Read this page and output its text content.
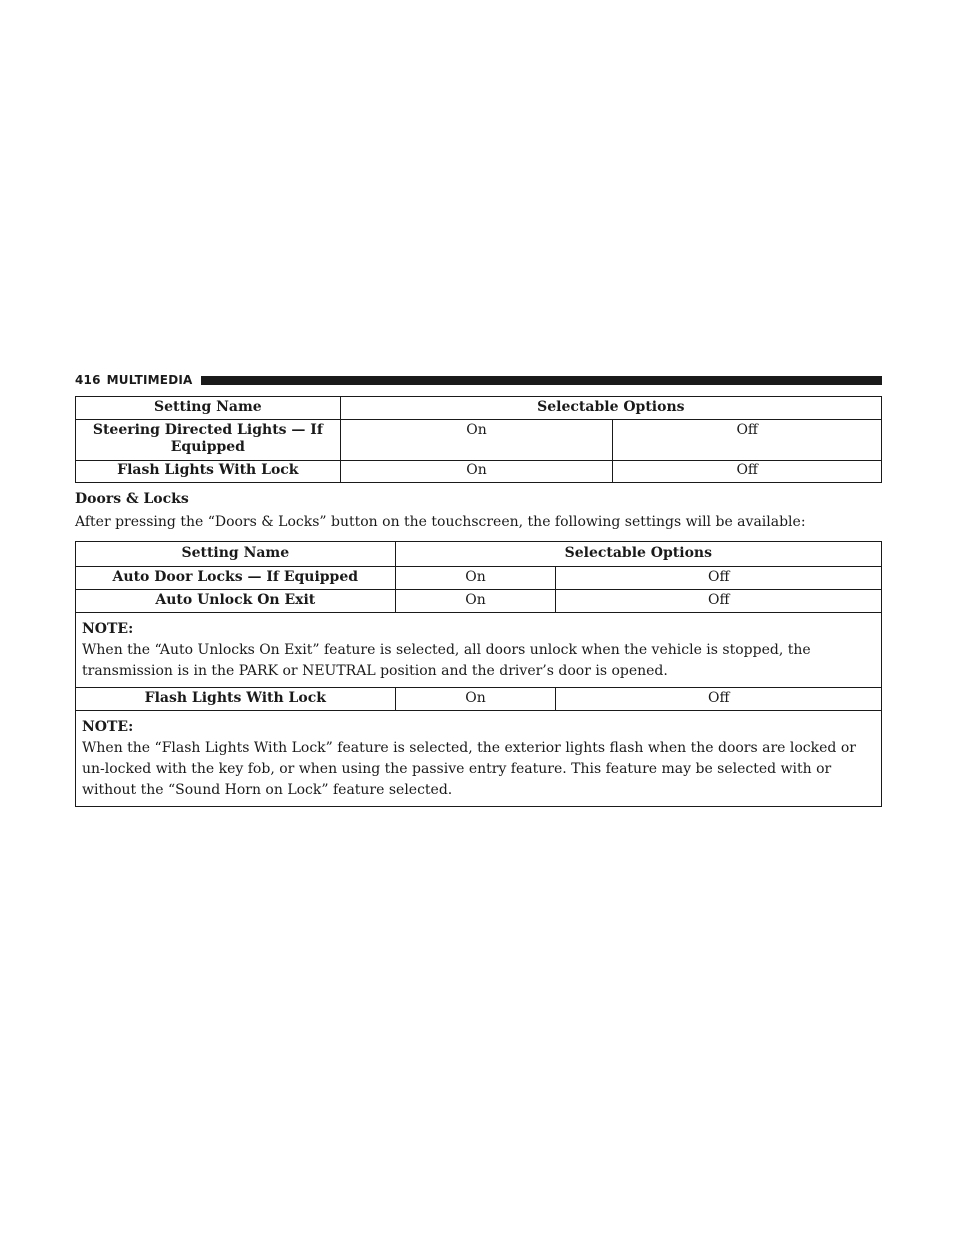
416 MULTIMEDIA
Setting Name	Selectable Options	
Steering Directed Lights — If Equipped	On	Off
Flash Lights With Lock	On	Off
Doors & Locks
After pressing the “Doors & Locks” button on the touchscreen, the following settings will be available:
Setting Name	Selectable Options	
Auto Door Locks — If Equipped	On	Off
Auto Unlock On Exit	On	Off

NOTE:
When the “Auto Unlocks On Exit” feature is selected, all doors unlock when the vehicle is stopped, the transmission is in the PARK or NEUTRAL position and the driver’s door is opened.		
Flash Lights With Lock	On	Off

NOTE:
When the “Flash Lights With Lock” feature is selected, the exterior lights flash when the doors are locked or un-locked with the key fob, or when using the passive entry feature. This feature may be selected with or without the “Sound Horn on Lock” feature selected.		
